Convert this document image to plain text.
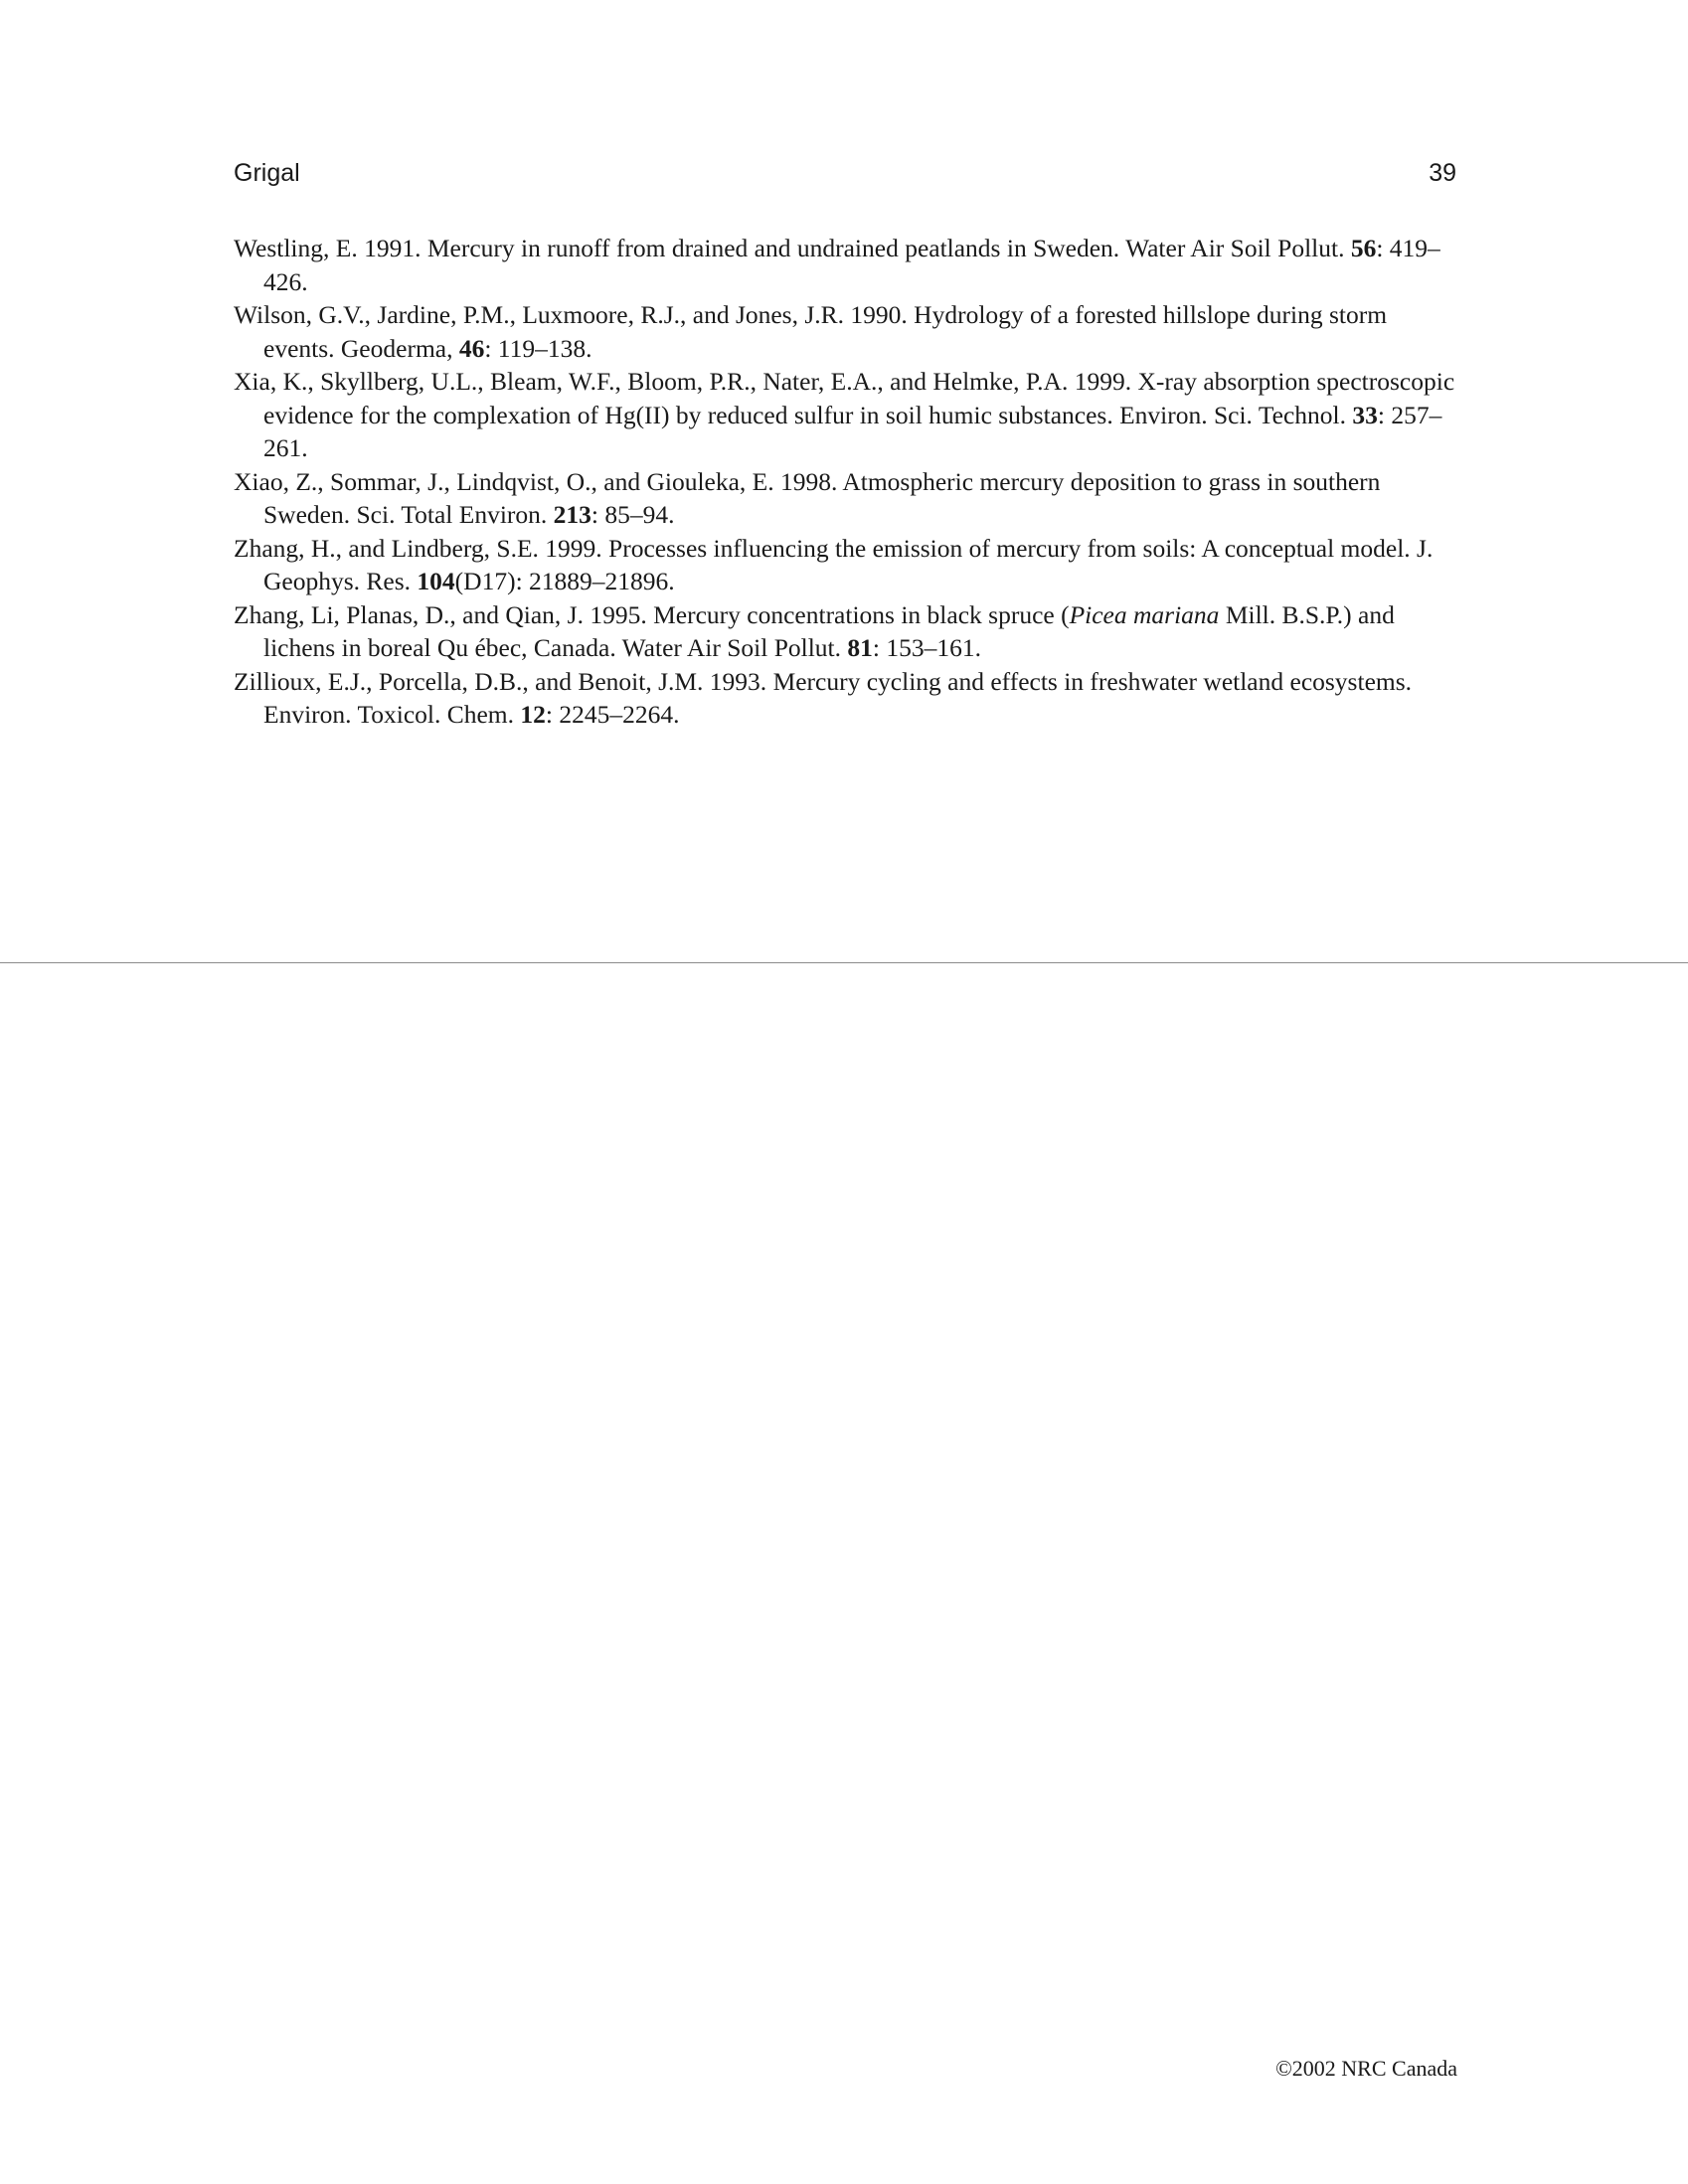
Grigal	39

Westling, E. 1991. Mercury in runoff from drained and undrained peatlands in Sweden. Water Air Soil Pollut. 56: 419–426.

Wilson, G.V., Jardine, P.M., Luxmoore, R.J., and Jones, J.R. 1990. Hydrology of a forested hillslope during storm events. Geoderma, 46: 119–138.

Xia, K., Skyllberg, U.L., Bleam, W.F., Bloom, P.R., Nater, E.A., and Helmke, P.A. 1999. X-ray absorption spectroscopic evidence for the complexation of Hg(II) by reduced sulfur in soil humic substances. Environ. Sci. Technol. 33: 257–261.

Xiao, Z., Sommar, J., Lindqvist, O., and Giouleka, E. 1998. Atmospheric mercury deposition to grass in southern Sweden. Sci. Total Environ. 213: 85–94.

Zhang, H., and Lindberg, S.E. 1999. Processes influencing the emission of mercury from soils: A conceptual model. J. Geophys. Res. 104(D17): 21889–21896.

Zhang, Li, Planas, D., and Qian, J. 1995. Mercury concentrations in black spruce (Picea mariana Mill. B.S.P.) and lichens in boreal Qu ébec, Canada. Water Air Soil Pollut. 81: 153–161.

Zillioux, E.J., Porcella, D.B., and Benoit, J.M. 1993. Mercury cycling and effects in freshwater wetland ecosystems. Environ. Toxicol. Chem. 12: 2245–2264.

©2002 NRC Canada
